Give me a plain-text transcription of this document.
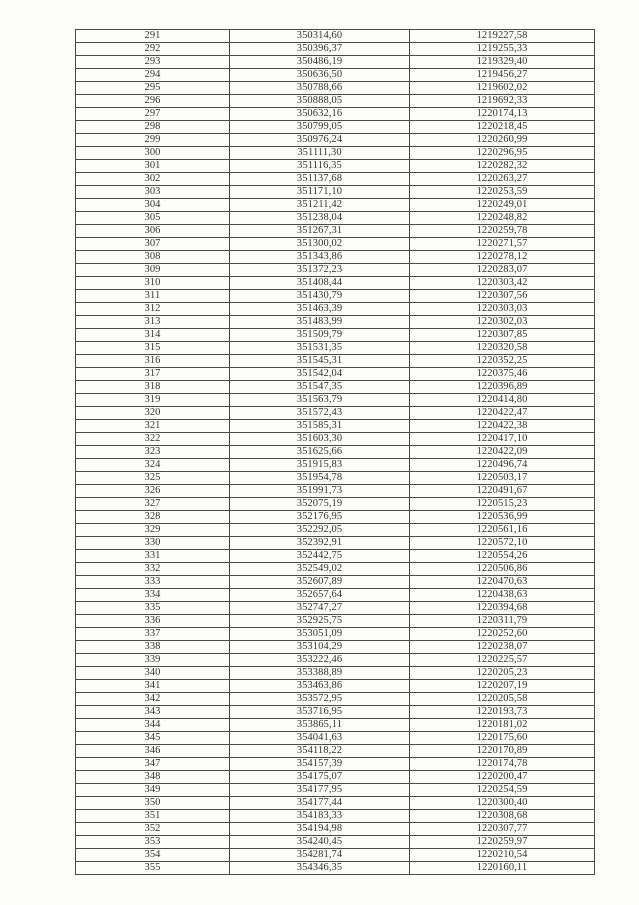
291	350314,60	1219227,58
292	350396,37	1219255,33
293	350486,19	1219329,40
294	350636,50	1219456,27
295	350788,66	1219602,02
296	350888,05	1219692,33
297	350632,16	1220174,13
298	350799,05	1220218,45
299	350976,24	1220260,99
300	351111,30	1220296,95
301	351116,35	1220282,32
302	351137,68	1220263,27
303	351171,10	1220253,59
304	351211,42	1220249,01
305	351238,04	1220248,82
306	351267,31	1220259,78
307	351300,02	1220271,57
308	351343,86	1220278,12
309	351372,23	1220283,07
310	351408,44	1220303,42
311	351430,79	1220307,56
312	351463,39	1220303,03
313	351483,99	1220302,03
314	351509,79	1220307,85
315	351531,35	1220320,58
316	351545,31	1220352,25
317	351542,04	1220375,46
318	351547,35	1220396,89
319	351563,79	1220414,80
320	351572,43	1220422,47
321	351585,31	1220422,38
322	351603,30	1220417,10
323	351625,66	1220422,09
324	351915,83	1220496,74
325	351954,78	1220503,17
326	351991,73	1220491,67
327	352075,19	1220515,23
328	352176,95	1220536,99
329	352292,05	1220561,16
330	352392,91	1220572,10
331	352442,75	1220554,26
332	352549,02	1220506,86
333	352607,89	1220470,63
334	352657,64	1220438,63
335	352747,27	1220394,68
336	352925,75	1220311,79
337	353051,09	1220252,60
338	353104,29	1220238,07
339	353222,46	1220225,57
340	353388,89	1220205,23
341	353463,86	1220207,19
342	353572,95	1220205,58
343	353716,95	1220193,73
344	353865,11	1220181,02
345	354041,63	1220175,60
346	354118,22	1220170,89
347	354157,39	1220174,78
348	354175,07	1220200,47
349	354177,95	1220254,59
350	354177,44	1220300,40
351	354183,33	1220308,68
352	354194,98	1220307,77
353	354240,45	1220259,97
354	354281,74	1220210,54
355	354346,35	1220160,11
